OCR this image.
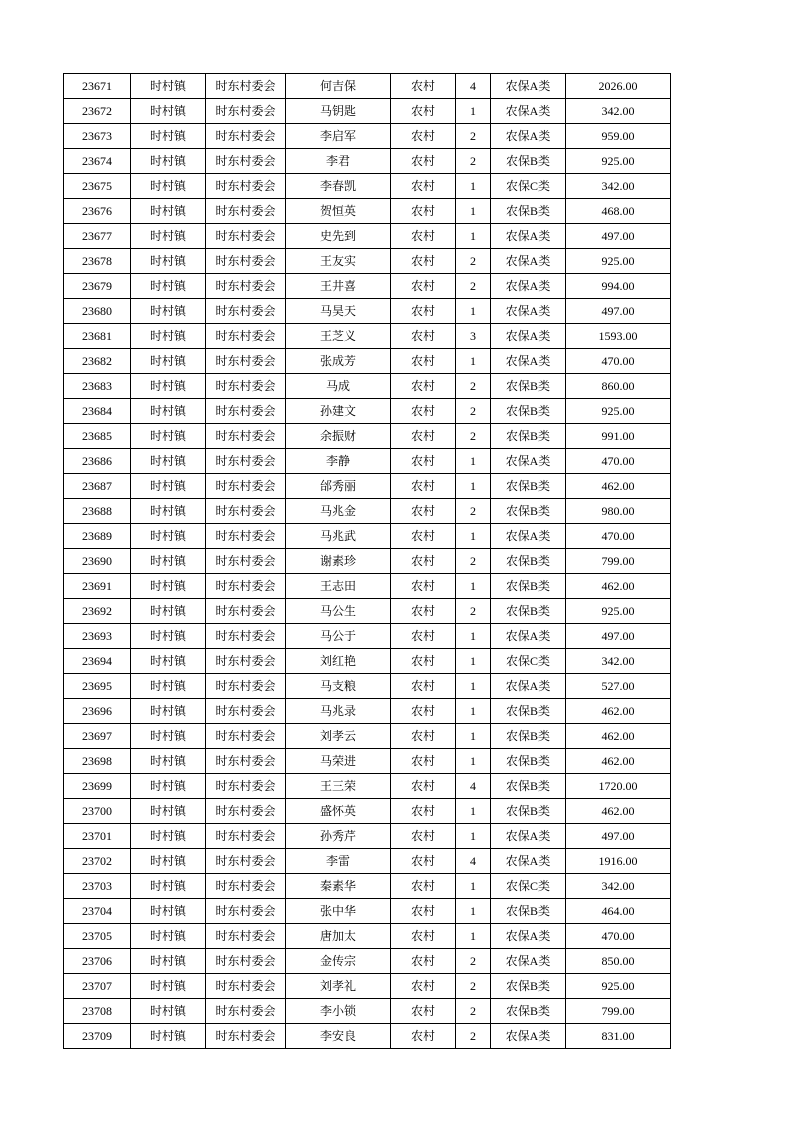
23671	时村镇	时东村委会	何吉保	农村	4	农保A类	2026.00
23672	时村镇	时东村委会	马钥匙	农村	1	农保A类	342.00
23673	时村镇	时东村委会	李启军	农村	2	农保A类	959.00
23674	时村镇	时东村委会	李君	农村	2	农保B类	925.00
23675	时村镇	时东村委会	李春凯	农村	1	农保C类	342.00
23676	时村镇	时东村委会	贺恒英	农村	1	农保B类	468.00
23677	时村镇	时东村委会	史先到	农村	1	农保A类	497.00
23678	时村镇	时东村委会	王友实	农村	2	农保A类	925.00
23679	时村镇	时东村委会	王井喜	农村	2	农保A类	994.00
23680	时村镇	时东村委会	马昊天	农村	1	农保A类	497.00
23681	时村镇	时东村委会	王芝义	农村	3	农保A类	1593.00
23682	时村镇	时东村委会	张成芳	农村	1	农保A类	470.00
23683	时村镇	时东村委会	马成	农村	2	农保B类	860.00
23684	时村镇	时东村委会	孙建文	农村	2	农保B类	925.00
23685	时村镇	时东村委会	余振财	农村	2	农保B类	991.00
23686	时村镇	时东村委会	李静	农村	1	农保A类	470.00
23687	时村镇	时东村委会	邰秀丽	农村	1	农保B类	462.00
23688	时村镇	时东村委会	马兆金	农村	2	农保B类	980.00
23689	时村镇	时东村委会	马兆武	农村	1	农保A类	470.00
23690	时村镇	时东村委会	谢素珍	农村	2	农保B类	799.00
23691	时村镇	时东村委会	王志田	农村	1	农保B类	462.00
23692	时村镇	时东村委会	马公生	农村	2	农保B类	925.00
23693	时村镇	时东村委会	马公于	农村	1	农保A类	497.00
23694	时村镇	时东村委会	刘红艳	农村	1	农保C类	342.00
23695	时村镇	时东村委会	马支粮	农村	1	农保A类	527.00
23696	时村镇	时东村委会	马兆录	农村	1	农保B类	462.00
23697	时村镇	时东村委会	刘孝云	农村	1	农保B类	462.00
23698	时村镇	时东村委会	马荣进	农村	1	农保B类	462.00
23699	时村镇	时东村委会	王三荣	农村	4	农保B类	1720.00
23700	时村镇	时东村委会	盛怀英	农村	1	农保B类	462.00
23701	时村镇	时东村委会	孙秀芹	农村	1	农保A类	497.00
23702	时村镇	时东村委会	李雷	农村	4	农保A类	1916.00
23703	时村镇	时东村委会	秦素华	农村	1	农保C类	342.00
23704	时村镇	时东村委会	张中华	农村	1	农保B类	464.00
23705	时村镇	时东村委会	唐加太	农村	1	农保A类	470.00
23706	时村镇	时东村委会	金传宗	农村	2	农保A类	850.00
23707	时村镇	时东村委会	刘孝礼	农村	2	农保B类	925.00
23708	时村镇	时东村委会	李小锁	农村	2	农保B类	799.00
23709	时村镇	时东村委会	李安良	农村	2	农保A类	831.00
